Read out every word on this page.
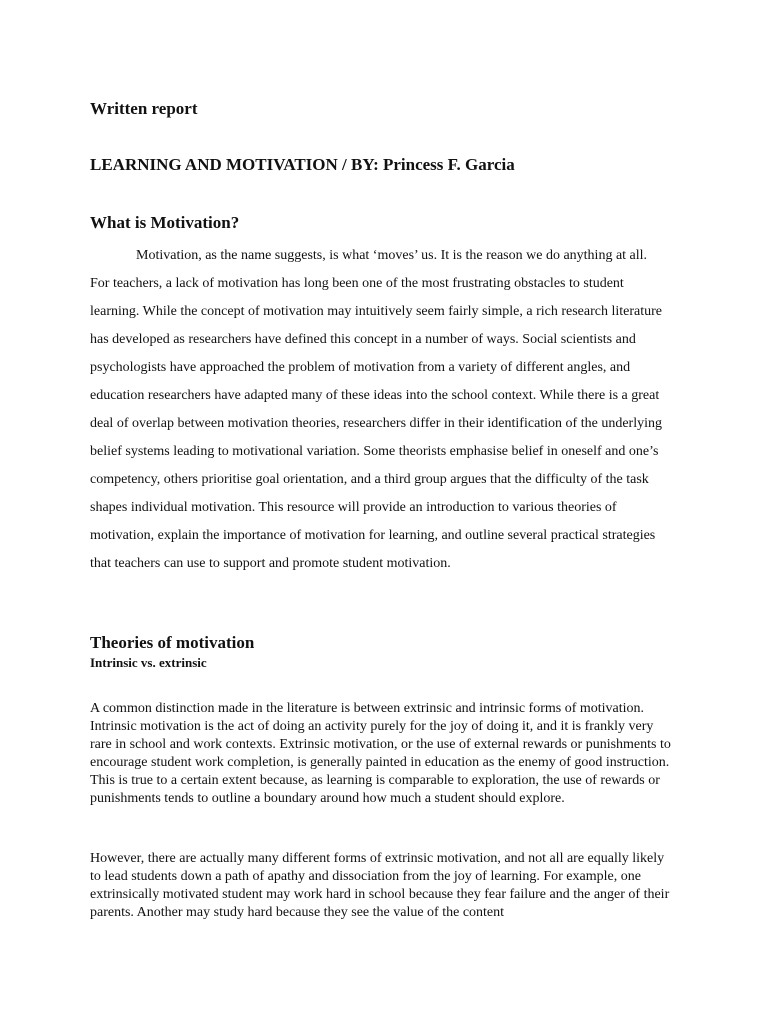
Written report

LEARNING AND MOTIVATION / BY: Princess F. Garcia
What is Motivation?

Motivation, as the name suggests, is what ‘moves’ us. It is the reason we do anything at all. For teachers, a lack of motivation has long been one of the most frustrating obstacles to student learning. While the concept of motivation may intuitively seem fairly simple, a rich research literature has developed as researchers have defined this concept in a number of ways. Social scientists and psychologists have approached the problem of motivation from a variety of different angles, and education researchers have adapted many of these ideas into the school context. While there is a great deal of overlap between motivation theories, researchers differ in their identification of the underlying belief systems leading to motivational variation. Some theorists emphasise belief in oneself and one’s competency, others prioritise goal orientation, and a third group argues that the difficulty of the task shapes individual motivation. This resource will provide an introduction to various theories of motivation, explain the importance of motivation for learning, and outline several practical strategies that teachers can use to support and promote student motivation.

Theories of motivation
Intrinsic vs. extrinsic

A common distinction made in the literature is between extrinsic and intrinsic forms of motivation. Intrinsic motivation is the act of doing an activity purely for the joy of doing it, and it is frankly very rare in school and work contexts. Extrinsic motivation, or the use of external rewards or punishments to encourage student work completion, is generally painted in education as the enemy of good instruction. This is true to a certain extent because, as learning is comparable to exploration, the use of rewards or punishments tends to outline a boundary around how much a student should explore.

However, there are actually many different forms of extrinsic motivation, and not all are equally likely to lead students down a path of apathy and dissociation from the joy of learning. For example, one extrinsically motivated student may work hard in school because they fear failure and the anger of their parents. Another may study hard because they see the value of the content
